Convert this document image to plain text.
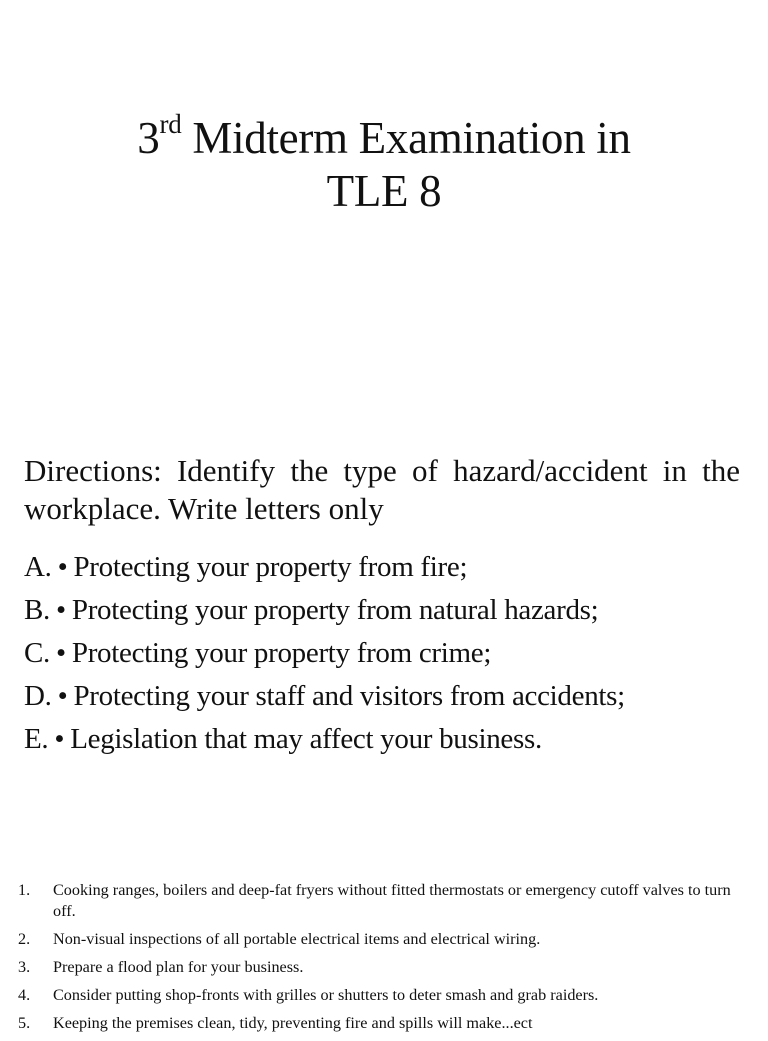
3rd Midterm Examination in
TLE 8
Directions: Identify the type of hazard/accident in the workplace. Write letters only
A. • Protecting your property from fire;
B. • Protecting your property from natural hazards;
C. • Protecting your property from crime;
D. • Protecting your staff and visitors from accidents;
E. • Legislation that may affect your business.
1. Cooking ranges, boilers and deep-fat fryers without fitted thermostats or emergency cutoff valves to turn off.
2. Non-visual inspections of all portable electrical items and electrical wiring.
3. Prepare a flood plan for your business.
4. Consider putting shop-fronts with grilles or shutters to deter smash and grab raiders.
5. Keeping the premises clean, tidy, preventing fire and spills will make...ect
